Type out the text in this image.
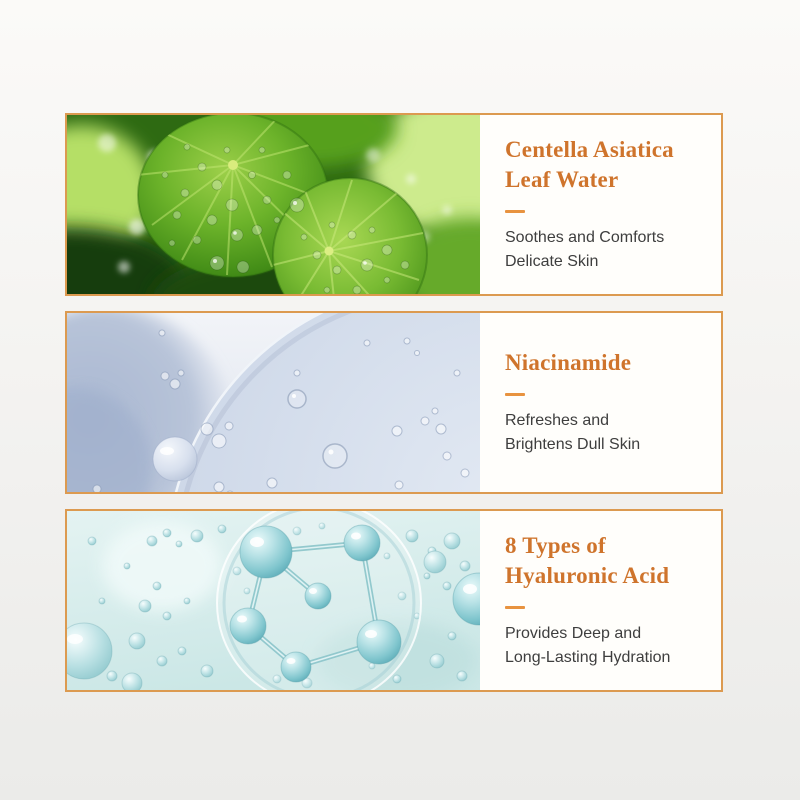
Centella Asiatica
Leaf Water
Soothes and Comforts
Delicate Skin
Niacinamide
Refreshes and
Brightens Dull Skin
8 Types of
Hyaluronic Acid
Provides Deep and
Long-Lasting Hydration
